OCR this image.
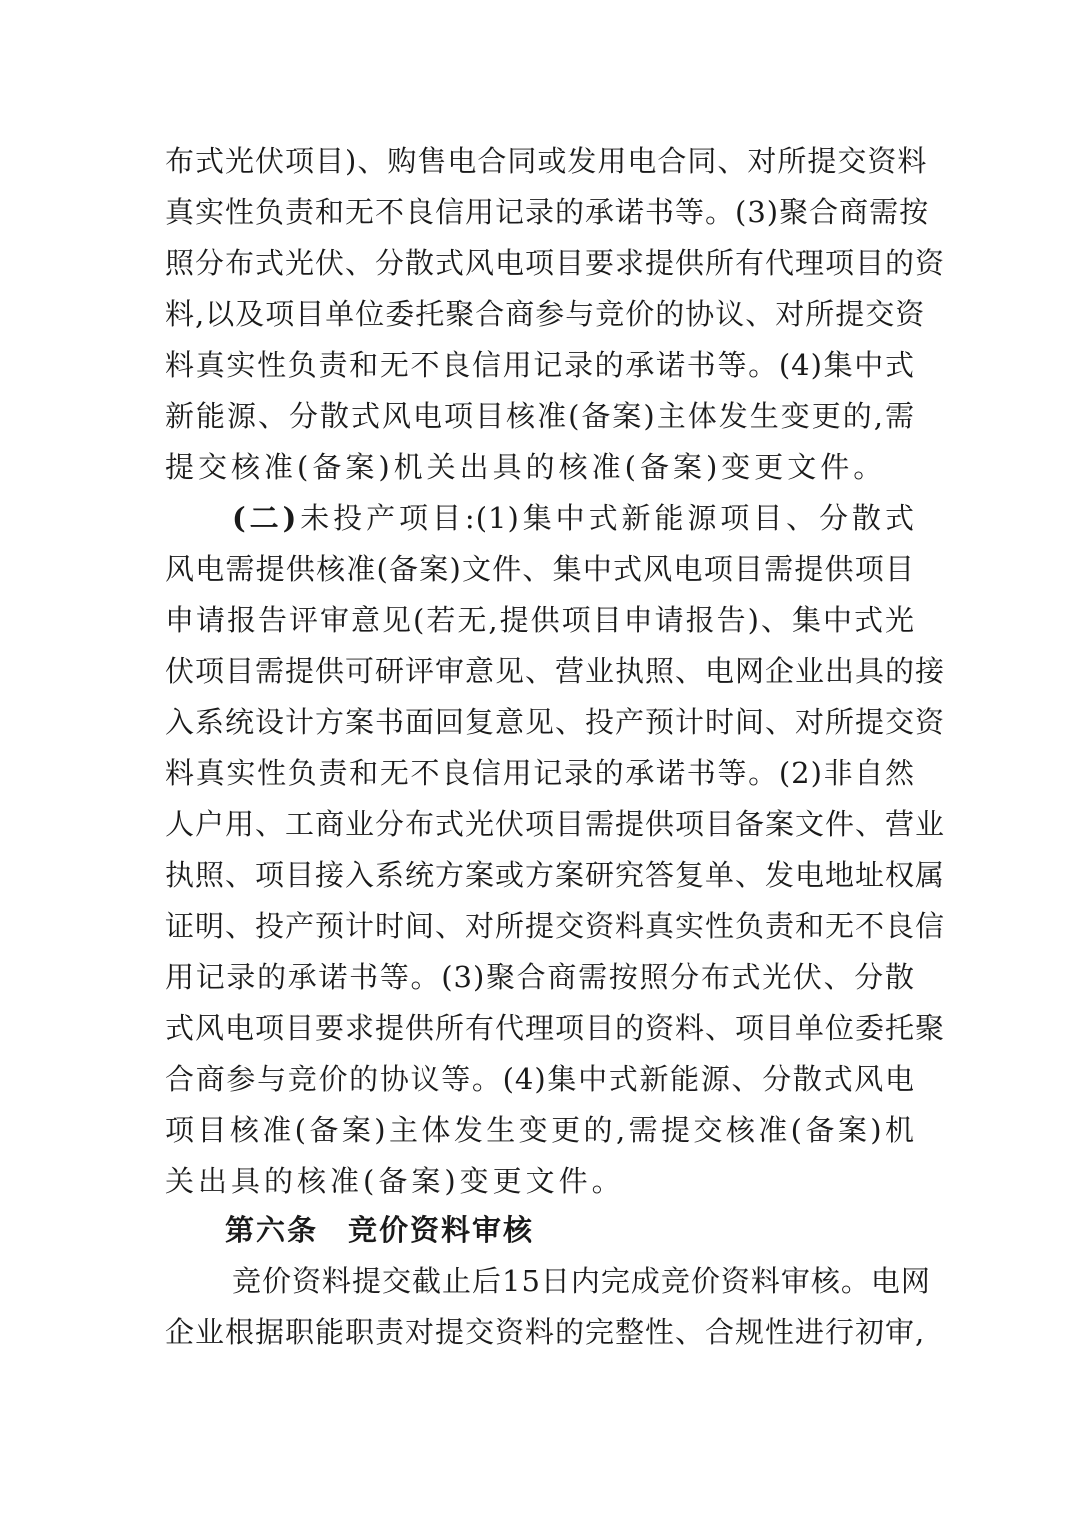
布式光伏项目)、购售电合同或发用电合同、对所提交资料
真实性负责和无不良信用记录的承诺书等。(3)聚合商需按
照分布式光伏、分散式风电项目要求提供所有代理项目的资
料,以及项目单位委托聚合商参与竞价的协议、对所提交资
料真实性负责和无不良信用记录的承诺书等。(4)集中式
新能源、分散式风电项目核准(备案)主体发生变更的,需
提交核准(备案)机关出具的核准(备案)变更文件。
(二)未投产项目:(1)集中式新能源项目、分散式
风电需提供核准(备案)文件、集中式风电项目需提供项目
申请报告评审意见(若无,提供项目申请报告)、集中式光
伏项目需提供可研评审意见、营业执照、电网企业出具的接
入系统设计方案书面回复意见、投产预计时间、对所提交资
料真实性负责和无不良信用记录的承诺书等。(2)非自然
人户用、工商业分布式光伏项目需提供项目备案文件、营业
执照、项目接入系统方案或方案研究答复单、发电地址权属
证明、投产预计时间、对所提交资料真实性负责和无不良信
用记录的承诺书等。(3)聚合商需按照分布式光伏、分散
式风电项目要求提供所有代理项目的资料、项目单位委托聚
合商参与竞价的协议等。(4)集中式新能源、分散式风电
项目核准(备案)主体发生变更的,需提交核准(备案)机
关出具的核准(备案)变更文件。
第六条 竞价资料审核
竞价资料提交截止后15日内完成竞价资料审核。电网
企业根据职能职责对提交资料的完整性、合规性进行初审,
